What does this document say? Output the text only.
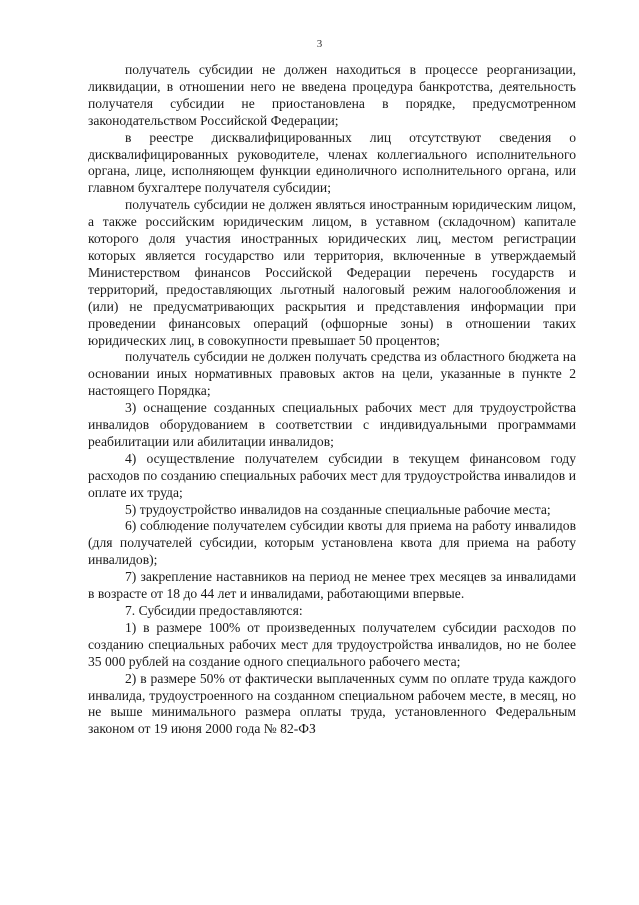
3

получатель субсидии не должен находиться в процессе реорганизации, ликвидации, в отношении него не введена процедура банкротства, деятельность получателя субсидии не приостановлена в порядке, предусмотренном законодательством Российской Федерации;

в реестре дисквалифицированных лиц отсутствуют сведения о дисквалифицированных руководителе, членах коллегиального исполнительного органа, лице, исполняющем функции единоличного исполнительного органа, или главном бухгалтере получателя субсидии;

получатель субсидии не должен являться иностранным юридическим лицом, а также российским юридическим лицом, в уставном (складочном) капитале которого доля участия иностранных юридических лиц, местом регистрации которых является государство или территория, включенные в утверждаемый Министерством финансов Российской Федерации перечень государств и территорий, предоставляющих льготный налоговый режим налогообложения и (или) не предусматривающих раскрытия и представления информации при проведении финансовых операций (офшорные зоны) в отношении таких юридических лиц, в совокупности превышает 50 процентов;

получатель субсидии не должен получать средства из областного бюджета на основании иных нормативных правовых актов на цели, указанные в пункте 2 настоящего Порядка;

3) оснащение созданных специальных рабочих мест для трудоустройства инвалидов оборудованием в соответствии с индивидуальными программами реабилитации или абилитации инвалидов;

4) осуществление получателем субсидии в текущем финансовом году расходов по созданию специальных рабочих мест для трудоустройства инвалидов и оплате их труда;

5) трудоустройство инвалидов на созданные специальные рабочие места;

6) соблюдение получателем субсидии квоты для приема на работу инвалидов (для получателей субсидии, которым установлена квота для приема на работу инвалидов);

7) закрепление наставников на период не менее трех месяцев за инвалидами в возрасте от 18 до 44 лет и инвалидами, работающими впервые.

7. Субсидии предоставляются:

1) в размере 100% от произведенных получателем субсидии расходов по созданию специальных рабочих мест для трудоустройства инвалидов, но не более 35 000 рублей на создание одного специального рабочего места;

2) в размере 50% от фактически выплаченных сумм по оплате труда каждого инвалида, трудоустроенного на созданном специальном рабочем месте, в месяц, но не выше минимального размера оплаты труда, установленного Федеральным законом от 19 июня 2000 года № 82-ФЗ
